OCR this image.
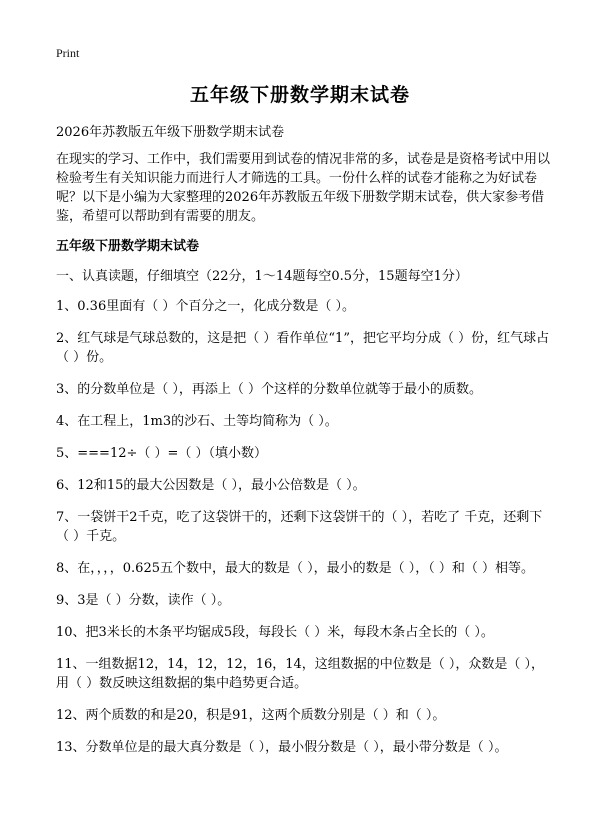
Print
五年级下册数学期末试卷

2026年苏教版五年级下册数学期末试卷

在现实的学习、工作中，我们需要用到试卷的情况非常的多，试卷是是资格考试中用以检验考生有关知识能力而进行人才筛选的工具。一份什么样的试卷才能称之为好试卷呢？以下是小编为大家整理的2026年苏教版五年级下册数学期末试卷，供大家参考借鉴，希望可以帮助到有需要的朋友。

五年级下册数学期末试卷

一、认真读题，仔细填空（22分，1～14题每空0.5分，15题每空1分）

1、0.36里面有（ ）个百分之一，化成分数是（ ）。
2、红气球是气球总数的，这是把（ ）看作单位“1”，把它平均分成（ ）份，红气球占（ ）份。
3、的分数单位是（ ），再添上（ ）个这样的分数单位就等于最小的质数。
4、在工程上，1m3的沙石、土等均简称为（ ）。
5、===12÷（ ）=（ ）（填小数）
6、12和15的最大公因数是（ ），最小公倍数是（ ）。
7、一袋饼干2千克，吃了这袋饼干的，还剩下这袋饼干的（ ），若吃了 千克，还剩下（ ）千克。
8、在，，，，0.625五个数中，最大的数是（ ），最小的数是（ ），（ ）和（ ）相等。
9、3是（ ）分数，读作（ ）。
10、把3米长的木条平均锯成5段，每段长（ ）米，每段木条占全长的（ ）。
11、一组数据12，14，12，12，16，14，这组数据的中位数是（ ），众数是（ ），用（ ）数反映这组数据的集中趋势更合适。
12、两个质数的和是20，积是91，这两个质数分别是（ ）和（ ）。
13、分数单位是的最大真分数是（ ），最小假分数是（ ），最小带分数是（ ）。
